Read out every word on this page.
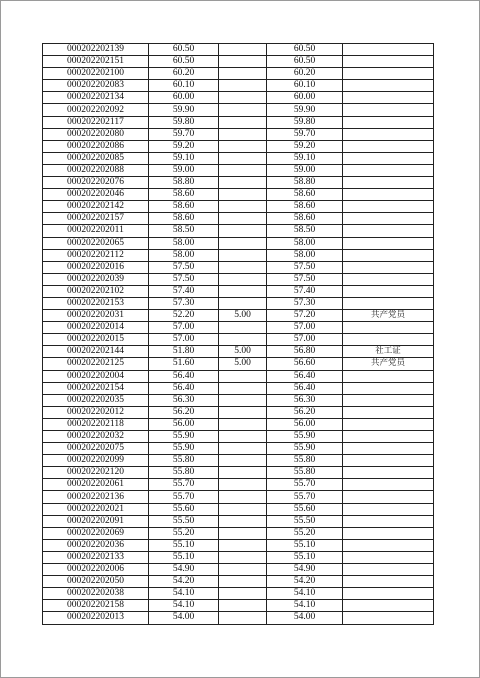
000202202139	60.50		60.50	
000202202151	60.50		60.50	
000202202100	60.20		60.20	
000202202083	60.10		60.10	
000202202134	60.00		60.00	
000202202092	59.90		59.90	
000202202117	59.80		59.80	
000202202080	59.70		59.70	
000202202086	59.20		59.20	
000202202085	59.10		59.10	
000202202088	59.00		59.00	
000202202076	58.80		58.80	
000202202046	58.60		58.60	
000202202142	58.60		58.60	
000202202157	58.60		58.60	
000202202011	58.50		58.50	
000202202065	58.00		58.00	
000202202112	58.00		58.00	
000202202016	57.50		57.50	
000202202039	57.50		57.50	
000202202102	57.40		57.40	
000202202153	57.30		57.30	
000202202031	52.20	5.00	57.20	共产党员
000202202014	57.00		57.00	
000202202015	57.00		57.00	
000202202144	51.80	5.00	56.80	社工证
000202202125	51.60	5.00	56.60	共产党员
000202202004	56.40		56.40	
000202202154	56.40		56.40	
000202202035	56.30		56.30	
000202202012	56.20		56.20	
000202202118	56.00		56.00	
000202202032	55.90		55.90	
000202202075	55.90		55.90	
000202202099	55.80		55.80	
000202202120	55.80		55.80	
000202202061	55.70		55.70	
000202202136	55.70		55.70	
000202202021	55.60		55.60	
000202202091	55.50		55.50	
000202202069	55.20		55.20	
000202202036	55.10		55.10	
000202202133	55.10		55.10	
000202202006	54.90		54.90	
000202202050	54.20		54.20	
000202202038	54.10		54.10	
000202202158	54.10		54.10	
000202202013	54.00		54.00	
